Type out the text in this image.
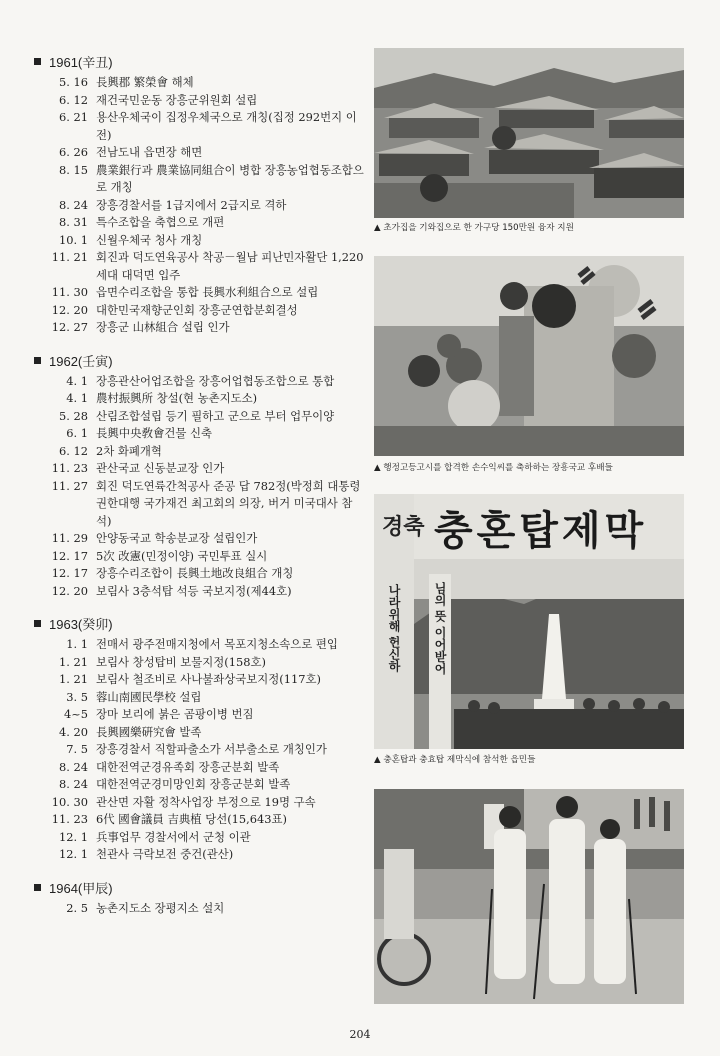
1961(辛丑)
5. 16 長興郡 繁榮會 해체
6. 12 재건국민운동 장흥군위원회 설립
6. 21 용산우체국이 집정우체국으로 개칭(집정 292번지 이전)
6. 26 전남도내 읍면장 해면
8. 15 農業銀行과 農業協同組合이 병합 장흥농업협동조합으로 개칭
8. 24 장흥경찰서를 1급지에서 2급지로 격하
8. 31 특수조합을 축협으로 개편
10. 1 신월우체국 청사 개칭
11. 21 회진과 덕도연육공사 착공－월남 피난민자활단 1,220세대 대덕면 입주
11. 30 읍면수리조합을 통합 長興水利組合으로 설립
12. 20 대한민국재향군인회 장흥군연합분회결성
12. 27 장흥군 山林組合 설립 인가
1962(壬寅)
4. 1 장흥관산어업조합을 장흥어업협동조합으로 통합
4. 1 農村振興所 창설(현 농촌지도소)
5. 28 산림조합설립 등기 필하고 군으로 부터 업무이양
6. 1 長興中央敎會건물 신축
6. 12 2차 화폐개혁
11. 23 관산국교 신동분교장 인가
11. 27 회진 덕도연륙간척공사 준공 답 782정(박정희 대통령 권한대행 국가재건 최고회의 의장, 버거 미국대사 참석)
11. 29 안양동국교 학송분교장 설립인가
12. 17 5次 改憲(민정이양) 국민투표 실시
12. 17 장흥수리조합이 長興土地改良組合 개칭
12. 20 보림사 3층석탑 석등 국보지정(제44호)
1963(癸卯)
1. 1 전매서 광주전매지청에서 목포지청소속으로 편입
1. 21 보림사 창성탑비 보물지정(158호)
1. 21 보림사 철조비로 사나불좌상국보지정(117호)
3. 5 蓉山南國民學校 설립
4~5 장마 보리에 붉은 곰팡이병 번짐
4. 20 長興國樂硏究會 발족
7. 5 장흥경찰서 직할파출소가 서부출소로 개칭인가
8. 24 대한전역군경유족회 장흥군분회 발족
8. 24 대한전역군경미망인회 장흥군분회 발족
10. 30 관산면 자활 정착사업장 부정으로 19명 구속
11. 23 6代 國會議員 吉典植 당선(15,643표)
12. 1 兵事업무 경찰서에서 군청 이관
12. 1 천관사 극락보전 중건(관산)
1964(甲辰)
2. 5 농촌지도소 장평지소 설치
▲ 초가집을 기와집으로 한 가구당 150만원 융자 지원
▲ 행정고등고시를 합격한 손수익씨를 축하하는 장흥국교 후배들
충혼탑제막
경축
님의 뜻 이어받어
나라위해 헌신하
▲ 충혼탑과 충효탑 제막식에 참석한 읍민들
204
